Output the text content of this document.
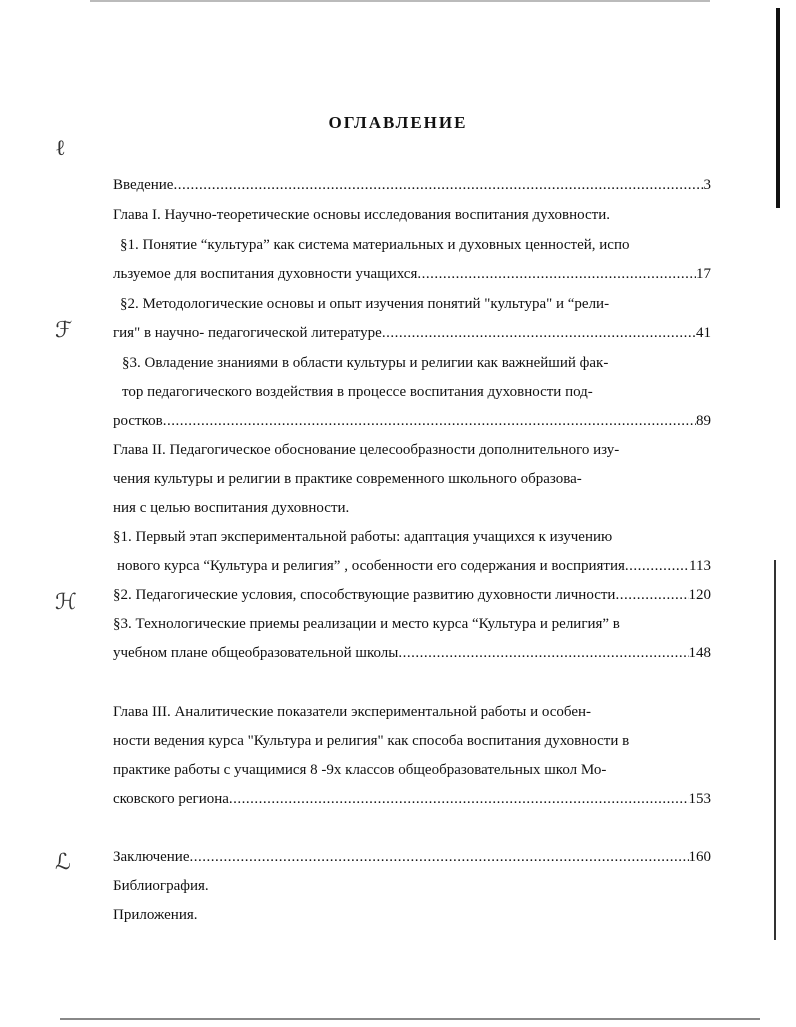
ℓ
ℱ
ℋ
ℒ
ОГЛАВЛЕНИЕ
Введение .....	3
Глава I. Научно-теоретические основы исследования воспитания духовности.
§1. Понятие “культура” как система материальных и духовных ценностей, испо
льзуемое для воспитания духовности учащихся .....	17
§2. Методологические основы и опыт изучения понятий "культура" и “рели-
гия" в научно- педагогической литературе .....	41
§3. Овладение знаниями в области культуры и религии как важнейший фак-
тор педагогического воздействия в процессе воспитания духовности под-
ростков .....	89
Глава II. Педагогическое обоснование целесообразности дополнительного изу-
чения культуры и религии в практике современного школьного образова-
ния с целью воспитания духовности.
§1. Первый этап экспериментальной работы: адаптация учащихся к изучению
нового курса “Культура и религия” , особенности его содержания и восприятия .....	113
§2. Педагогические условия, способствующие развитию духовности личности .....	120
§3. Технологические приемы реализации и место курса “Культура и религия” в
учебном плане общеобразовательной школы .....	148
Глава III. Аналитические показатели экспериментальной работы и особен-
ности ведения курса "Культура и религия" как способа воспитания духовности в
практике работы с учащимися 8 -9х классов общеобразовательных школ Мо-
сковского региона .....	153
Заключение .....	160
Библиография.
Приложения.
